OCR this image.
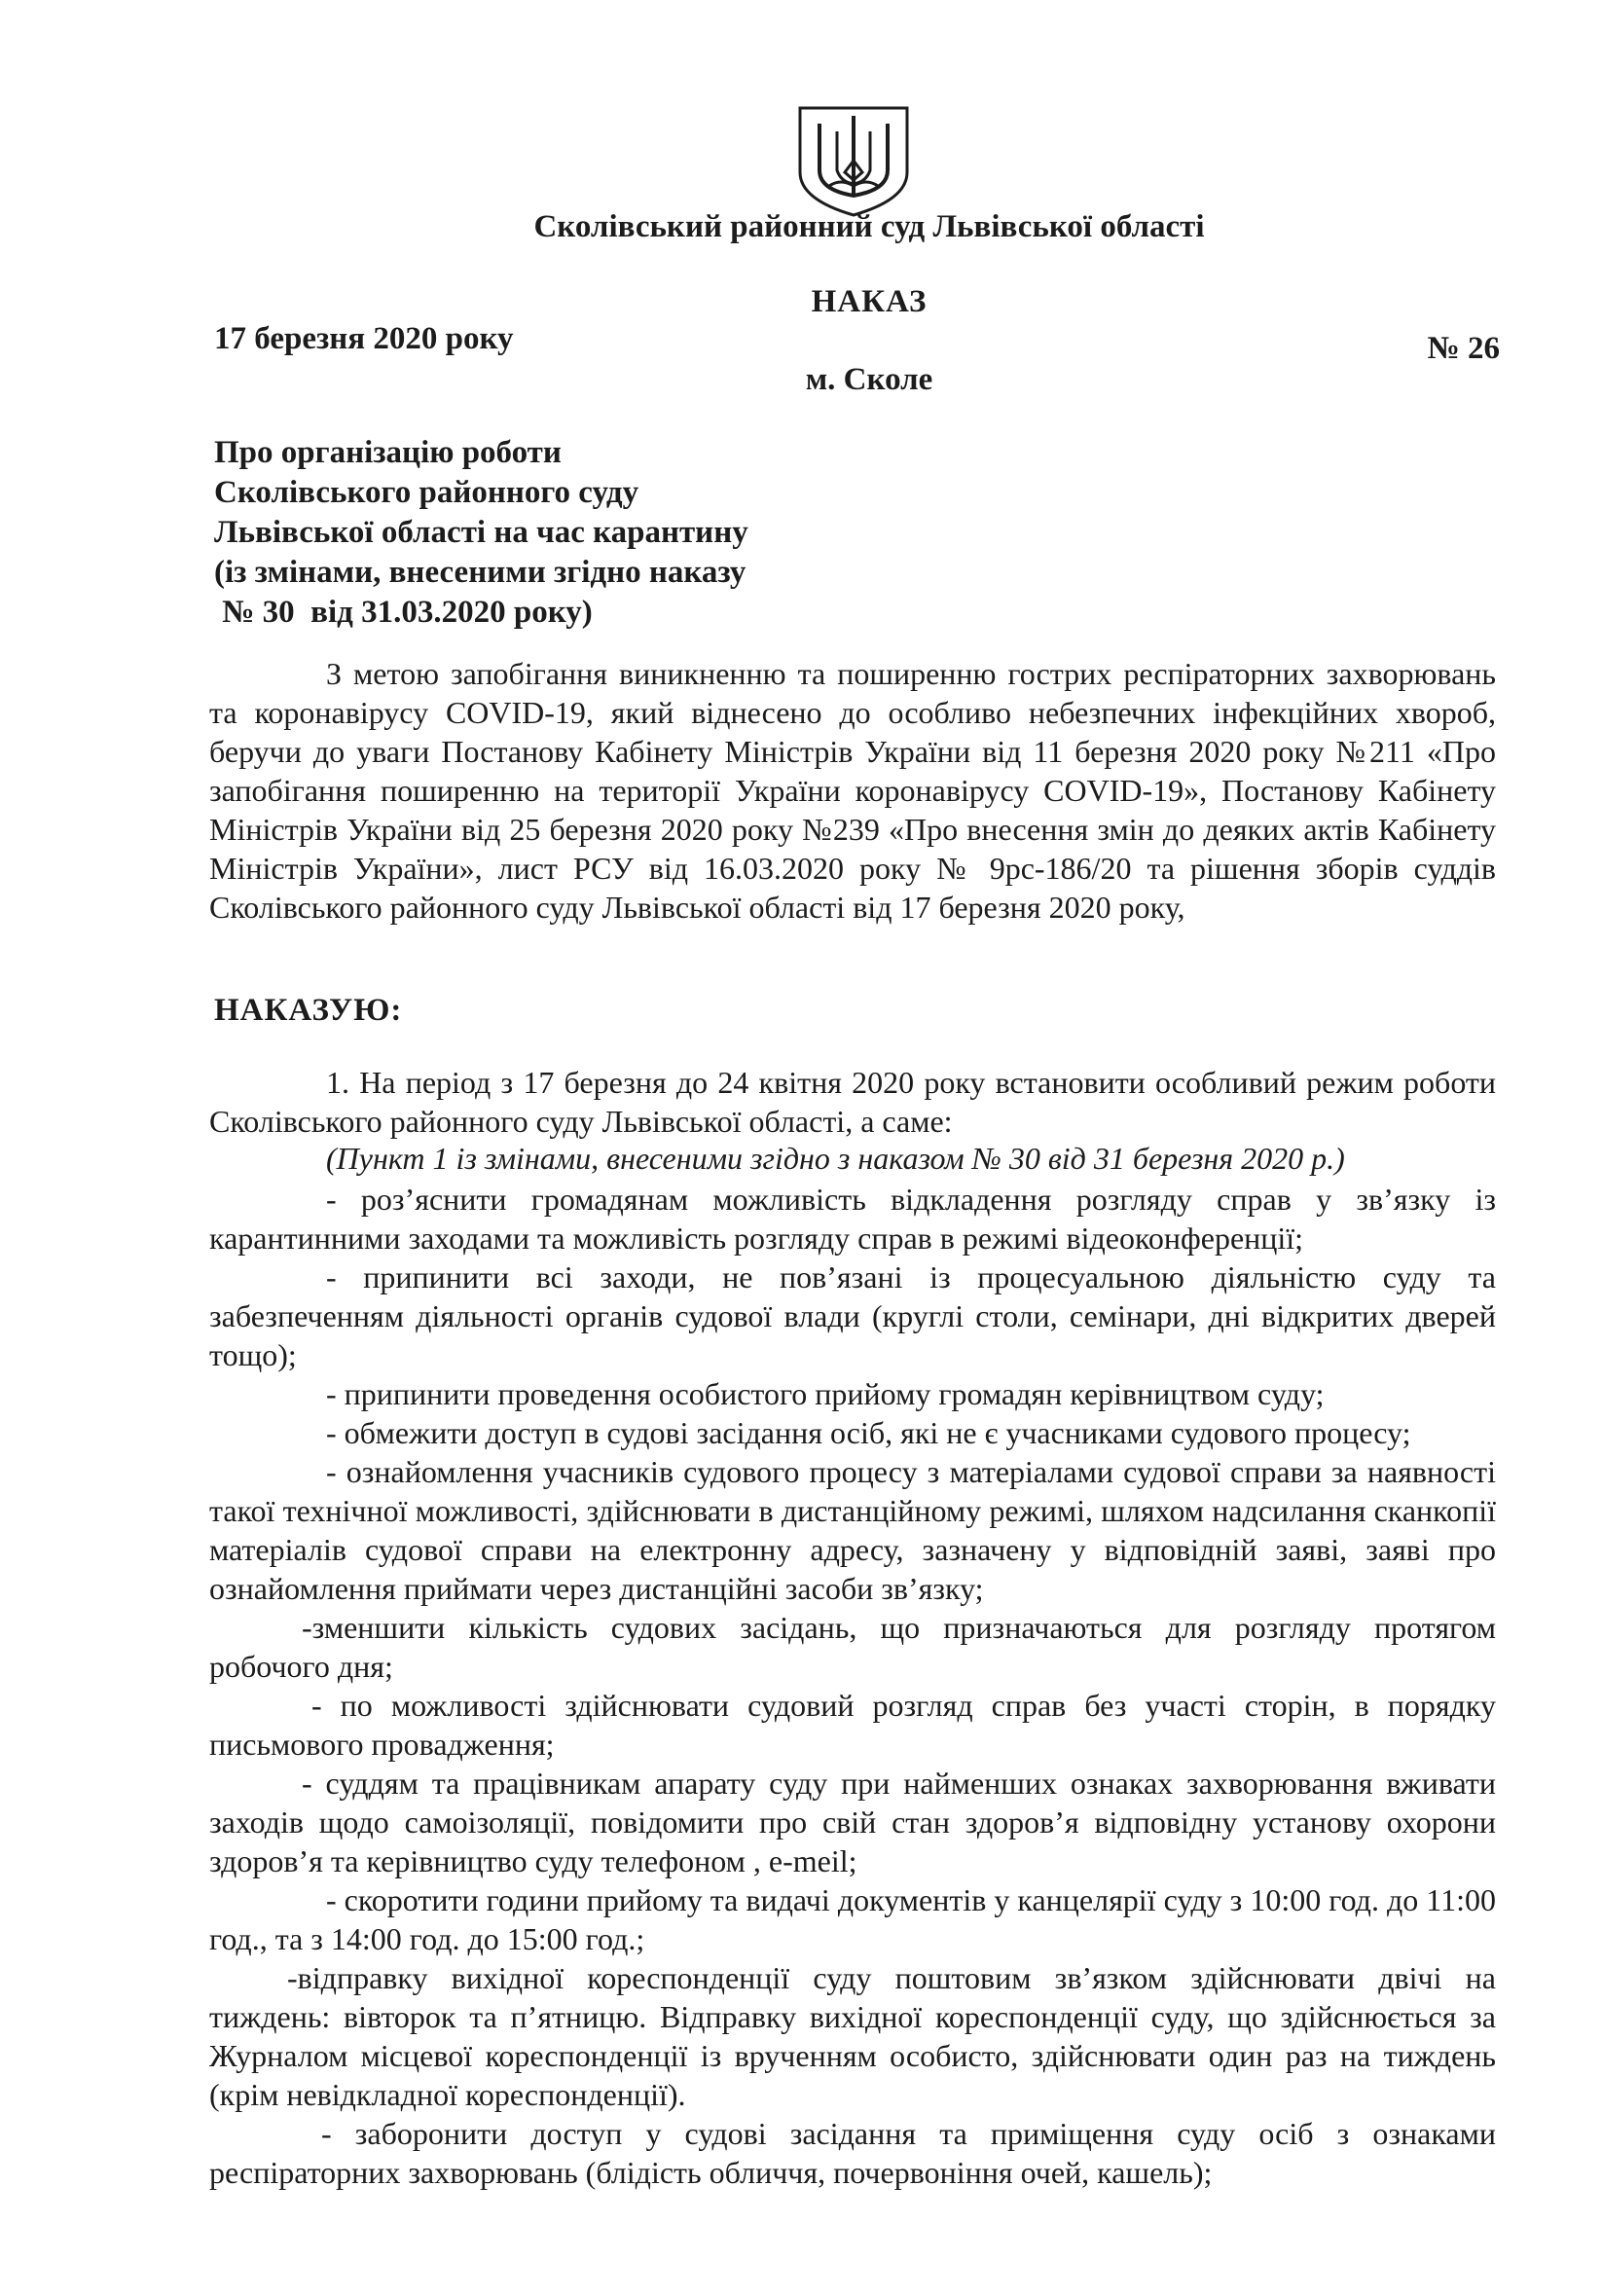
Сколівський районний суд Львівської області
НАКАЗ
17 березня 2020 року	№ 26
м. Сколе
Про організацію роботи
Сколівського районного суду
Львівської області на час карантину
(із змінами, внесеними згідно наказу
№ 30  від 31.03.2020 року)
З метою запобігання виникненню та поширенню гострих респіраторних захворювань та коронавірусу COVID-19, який віднесено до особливо небезпечних інфекційних хвороб, беручи до уваги Постанову Кабінету Міністрів України від 11 березня 2020 року №211 «Про запобігання поширенню на території України коронавірусу COVID-19», Постанову Кабінету Міністрів України від 25 березня 2020 року №239 «Про внесення змін до деяких актів Кабінету Міністрів України», лист РСУ від 16.03.2020 року № 9рс-186/20 та рішення зборів суддів Сколівського районного суду Львівської області від 17 березня 2020 року,
НАКАЗУЮ:
1. На період з 17 березня до 24 квітня 2020 року встановити особливий режим роботи Сколівського районного суду Львівської області, а саме:
(Пункт 1 із змінами, внесеними згідно з наказом № 30 від 31 березня 2020 р.)
- роз’яснити громадянам можливість відкладення розгляду справ у зв’язку із карантинними заходами та можливість розгляду справ в режимі відеоконференції;
- припинити всі заходи, не пов’язані із процесуальною діяльністю суду та забезпеченням діяльності органів судової влади (круглі столи, семінари, дні відкритих дверей тощо);
- припинити проведення особистого прийому громадян керівництвом суду;
- обмежити доступ в судові засідання осіб, які не є учасниками судового процесу;
- ознайомлення учасників судового процесу з матеріалами судової справи за наявності такої технічної можливості, здійснювати в дистанційному режимі, шляхом надсилання сканкопії матеріалів судової справи на електронну адресу, зазначену у відповідній заяві, заяві про ознайомлення приймати через дистанційні засоби зв’язку;
-зменшити кількість судових засідань, що призначаються для розгляду протягом робочого дня;
- по можливості здійснювати судовий розгляд справ без участі сторін, в порядку письмового провадження;
- суддям та працівникам апарату суду при найменших ознаках захворювання вживати заходів щодо самоізоляції, повідомити про свій стан здоров’я відповідну установу охорони здоров’я та керівництво суду телефоном , e-meil;
- скоротити години прийому та видачі документів у канцелярії суду з 10:00 год. до 11:00 год., та з 14:00 год. до 15:00 год.;
-відправку вихідної кореспонденції суду поштовим зв’язком здійснювати двічі на тиждень: вівторок та п’ятницю. Відправку вихідної кореспонденції суду, що здійснюється за Журналом місцевої кореспонденції із врученням особисто, здійснювати один раз на тиждень (крім невідкладної кореспонденції).
- заборонити доступ у судові засідання та приміщення суду осіб з ознаками респіраторних захворювань (блідість обличчя, почервоніння очей, кашель);
